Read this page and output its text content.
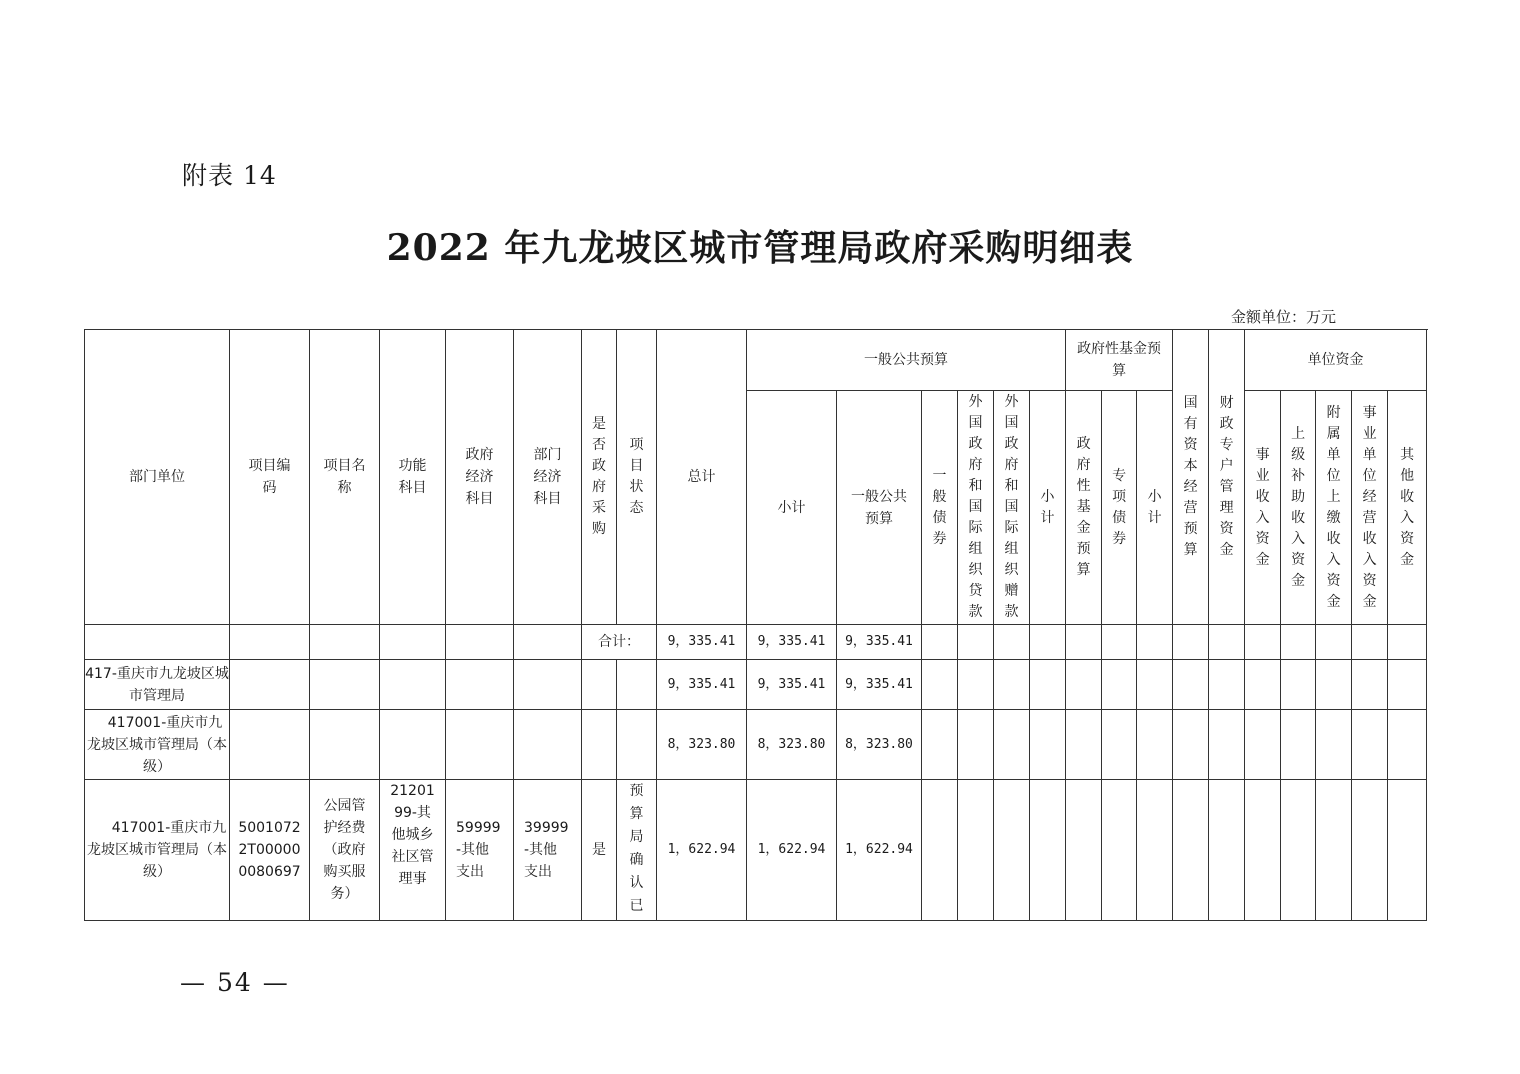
附表 14
2022 年九龙坡区城市管理局政府采购明细表
金额单位：万元
部门单位	项目编码	项目名称	功能科目	政府经济科目	部门经济科目	是否政府采购	项目状态	总计	一般公共预算						政府性基金预算			国有资本经营预算	财政专户管理资金	单位资金				
									小计	一般公共预算	一般债券	外国政府和国际组织贷款	外国政府和国际组织赠款	小计	政府性基金预算	专项债券	小计			事业收入资金	上级补助收入资金	附属单位上缴收入资金	事业单位经营收入资金	其他收入资金

						合计：		9，335.41	9，335.41	9，335.41														
417-重庆市九龙坡区城市管理局								9，335.41	9，335.41	9，335.41														
417001-重庆市九龙坡区城市管理局（本级）								8，323.80	8，323.80	8，323.80														
417001-重庆市九龙坡区城市管理局（本级）	50010722T000000080697	公园管护经费（政府购买服务）	2120199-其他城乡社区管理事	59999-其他支出	39999-其他支出	是	预算局确认已	1，622.94	1，622.94	1，622.94														
— 54 —
